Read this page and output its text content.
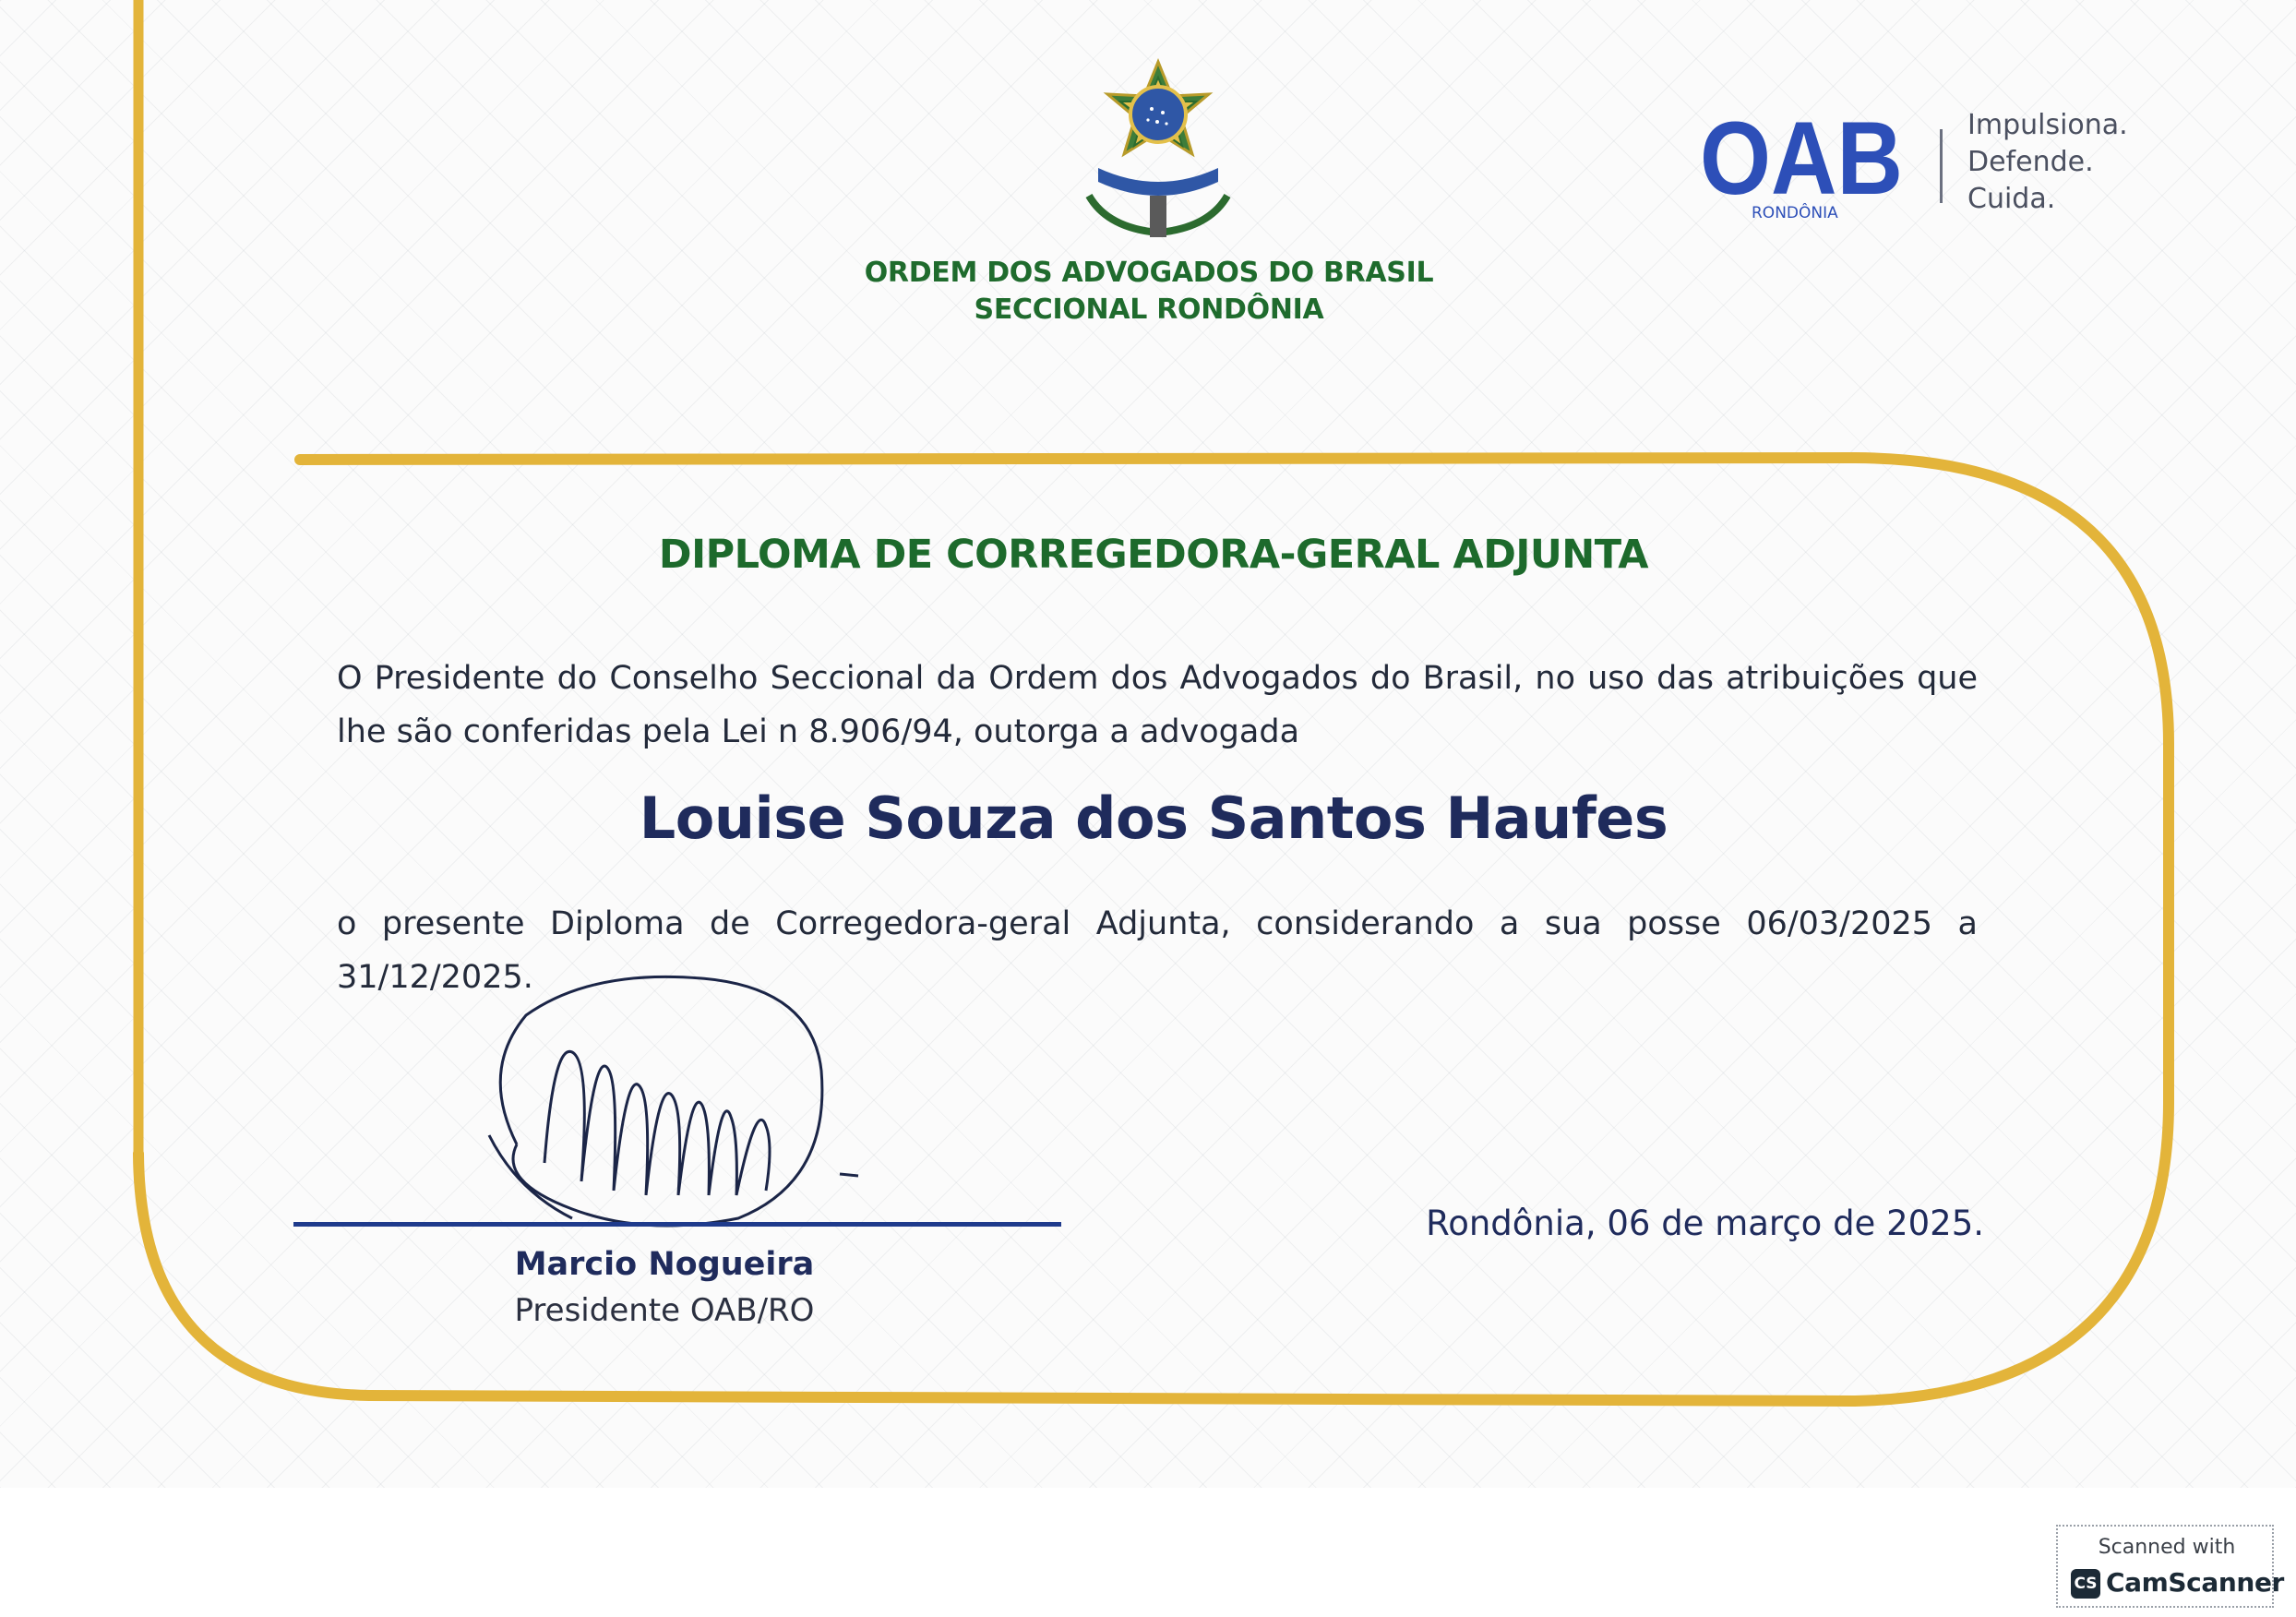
ORDEM DOS ADVOGADOS DO BRASIL
SECCIONAL RONDÔNIA
OAB
RONDÔNIA
Impulsiona.
Defende.
Cuida.
DIPLOMA DE CORREGEDORA-GERAL ADJUNTA
O Presidente do Conselho Seccional da Ordem dos Advogados do Brasil, no uso das atribuições que lhe são conferidas pela Lei n 8.906/94, outorga a advogada
Louise Souza dos Santos Haufes
o presente Diploma de Corregedora-geral Adjunta, considerando a sua posse 06/03/2025 a 31/12/2025.
Marcio Nogueira
Presidente OAB/RO
Rondônia, 06 de março de 2025.
Scanned with
CS CamScanner
